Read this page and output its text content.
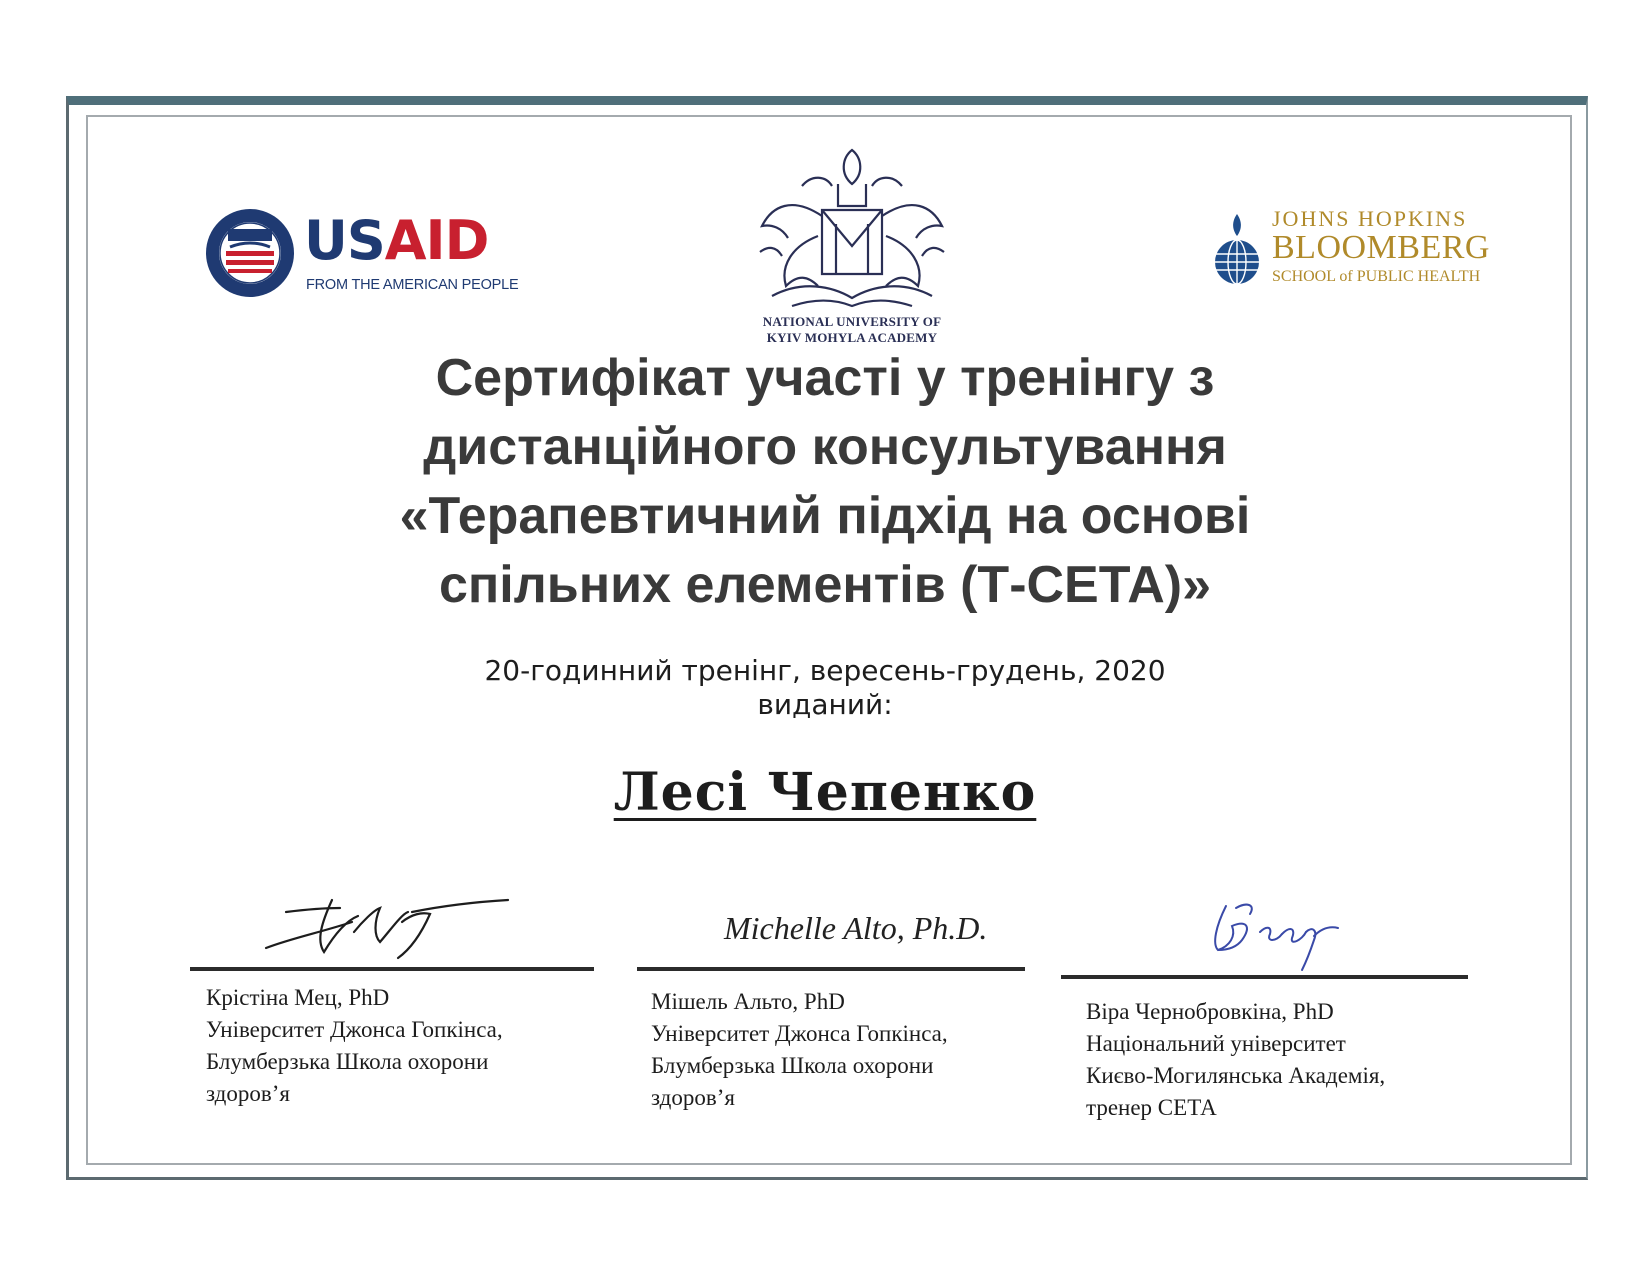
USAID
FROM THE AMERICAN PEOPLE
NATIONAL UNIVERSITY OF
KYIV MOHYLA ACADEMY
JOHNS HOPKINS
BLOOMBERG
SCHOOL of PUBLIC HEALTH
Сертифікат участі у тренінгу з
дистанційного консультування
«Терапевтичний підхід на основі
спільних елементів (Т-СЕТА)»
20-годинний тренінг, вересень-грудень, 2020
виданий:
Лесі Чепенко
Крістіна Мец, PhD
Університет Джонса Гопкінса,
Блумберзька Школа охорони
здоров’я
Michelle Alto, Ph.D.
Мішель Альто, PhD
Університет Джонса Гопкінса,
Блумберзька Школа охорони
здоров’я
Віра Чернобровкіна, PhD
Національний університет
Києво-Могилянська Академія,
тренер СЕТА
